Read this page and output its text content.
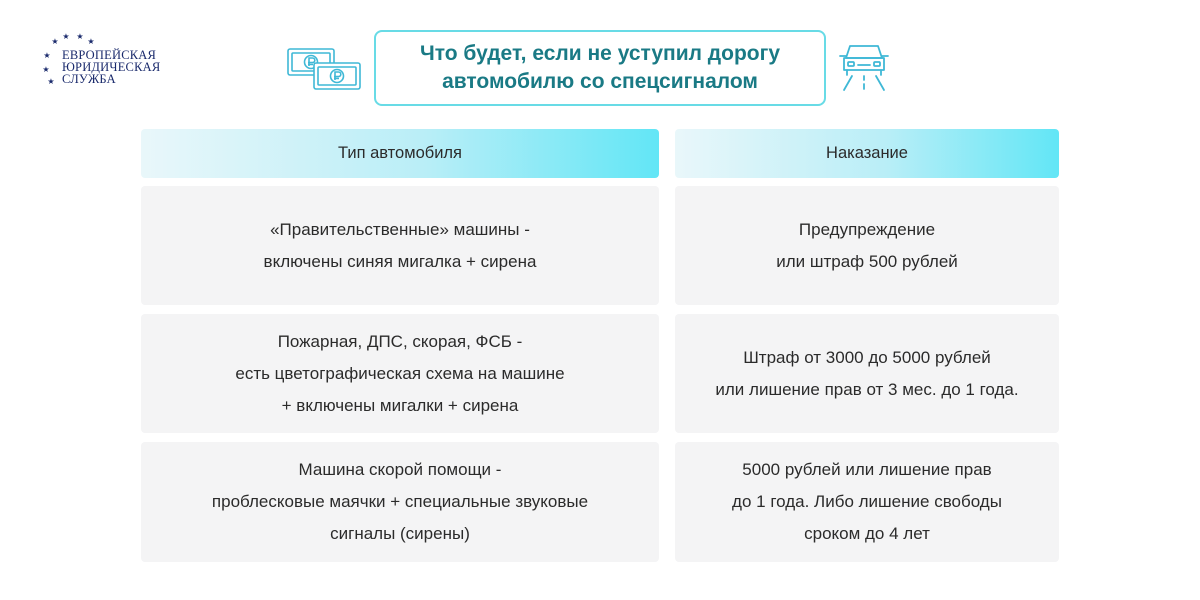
★ ★
★	★
★
★
★
ЕВРОПЕЙСКАЯ
ЮРИДИЧЕСКАЯ
СЛУЖБА
Что будет, если не уступил дорогу
автомобилю со спецсигналом
Тип автомобиля	Наказание
«Правительственные» машины -
включены синяя мигалка + сирена
Предупреждение
или штраф 500 рублей
Пожарная, ДПС, скорая, ФСБ -
есть цветографическая схема на машине
+ включены мигалки + сирена
Штраф от 3000 до 5000 рублей
или лишение прав от 3 мес. до 1 года.
Машина скорой помощи -
проблесковые маячки + специальные звуковые
сигналы (сирены)
5000 рублей или лишение прав
до 1 года. Либо лишение свободы
сроком до 4 лет
